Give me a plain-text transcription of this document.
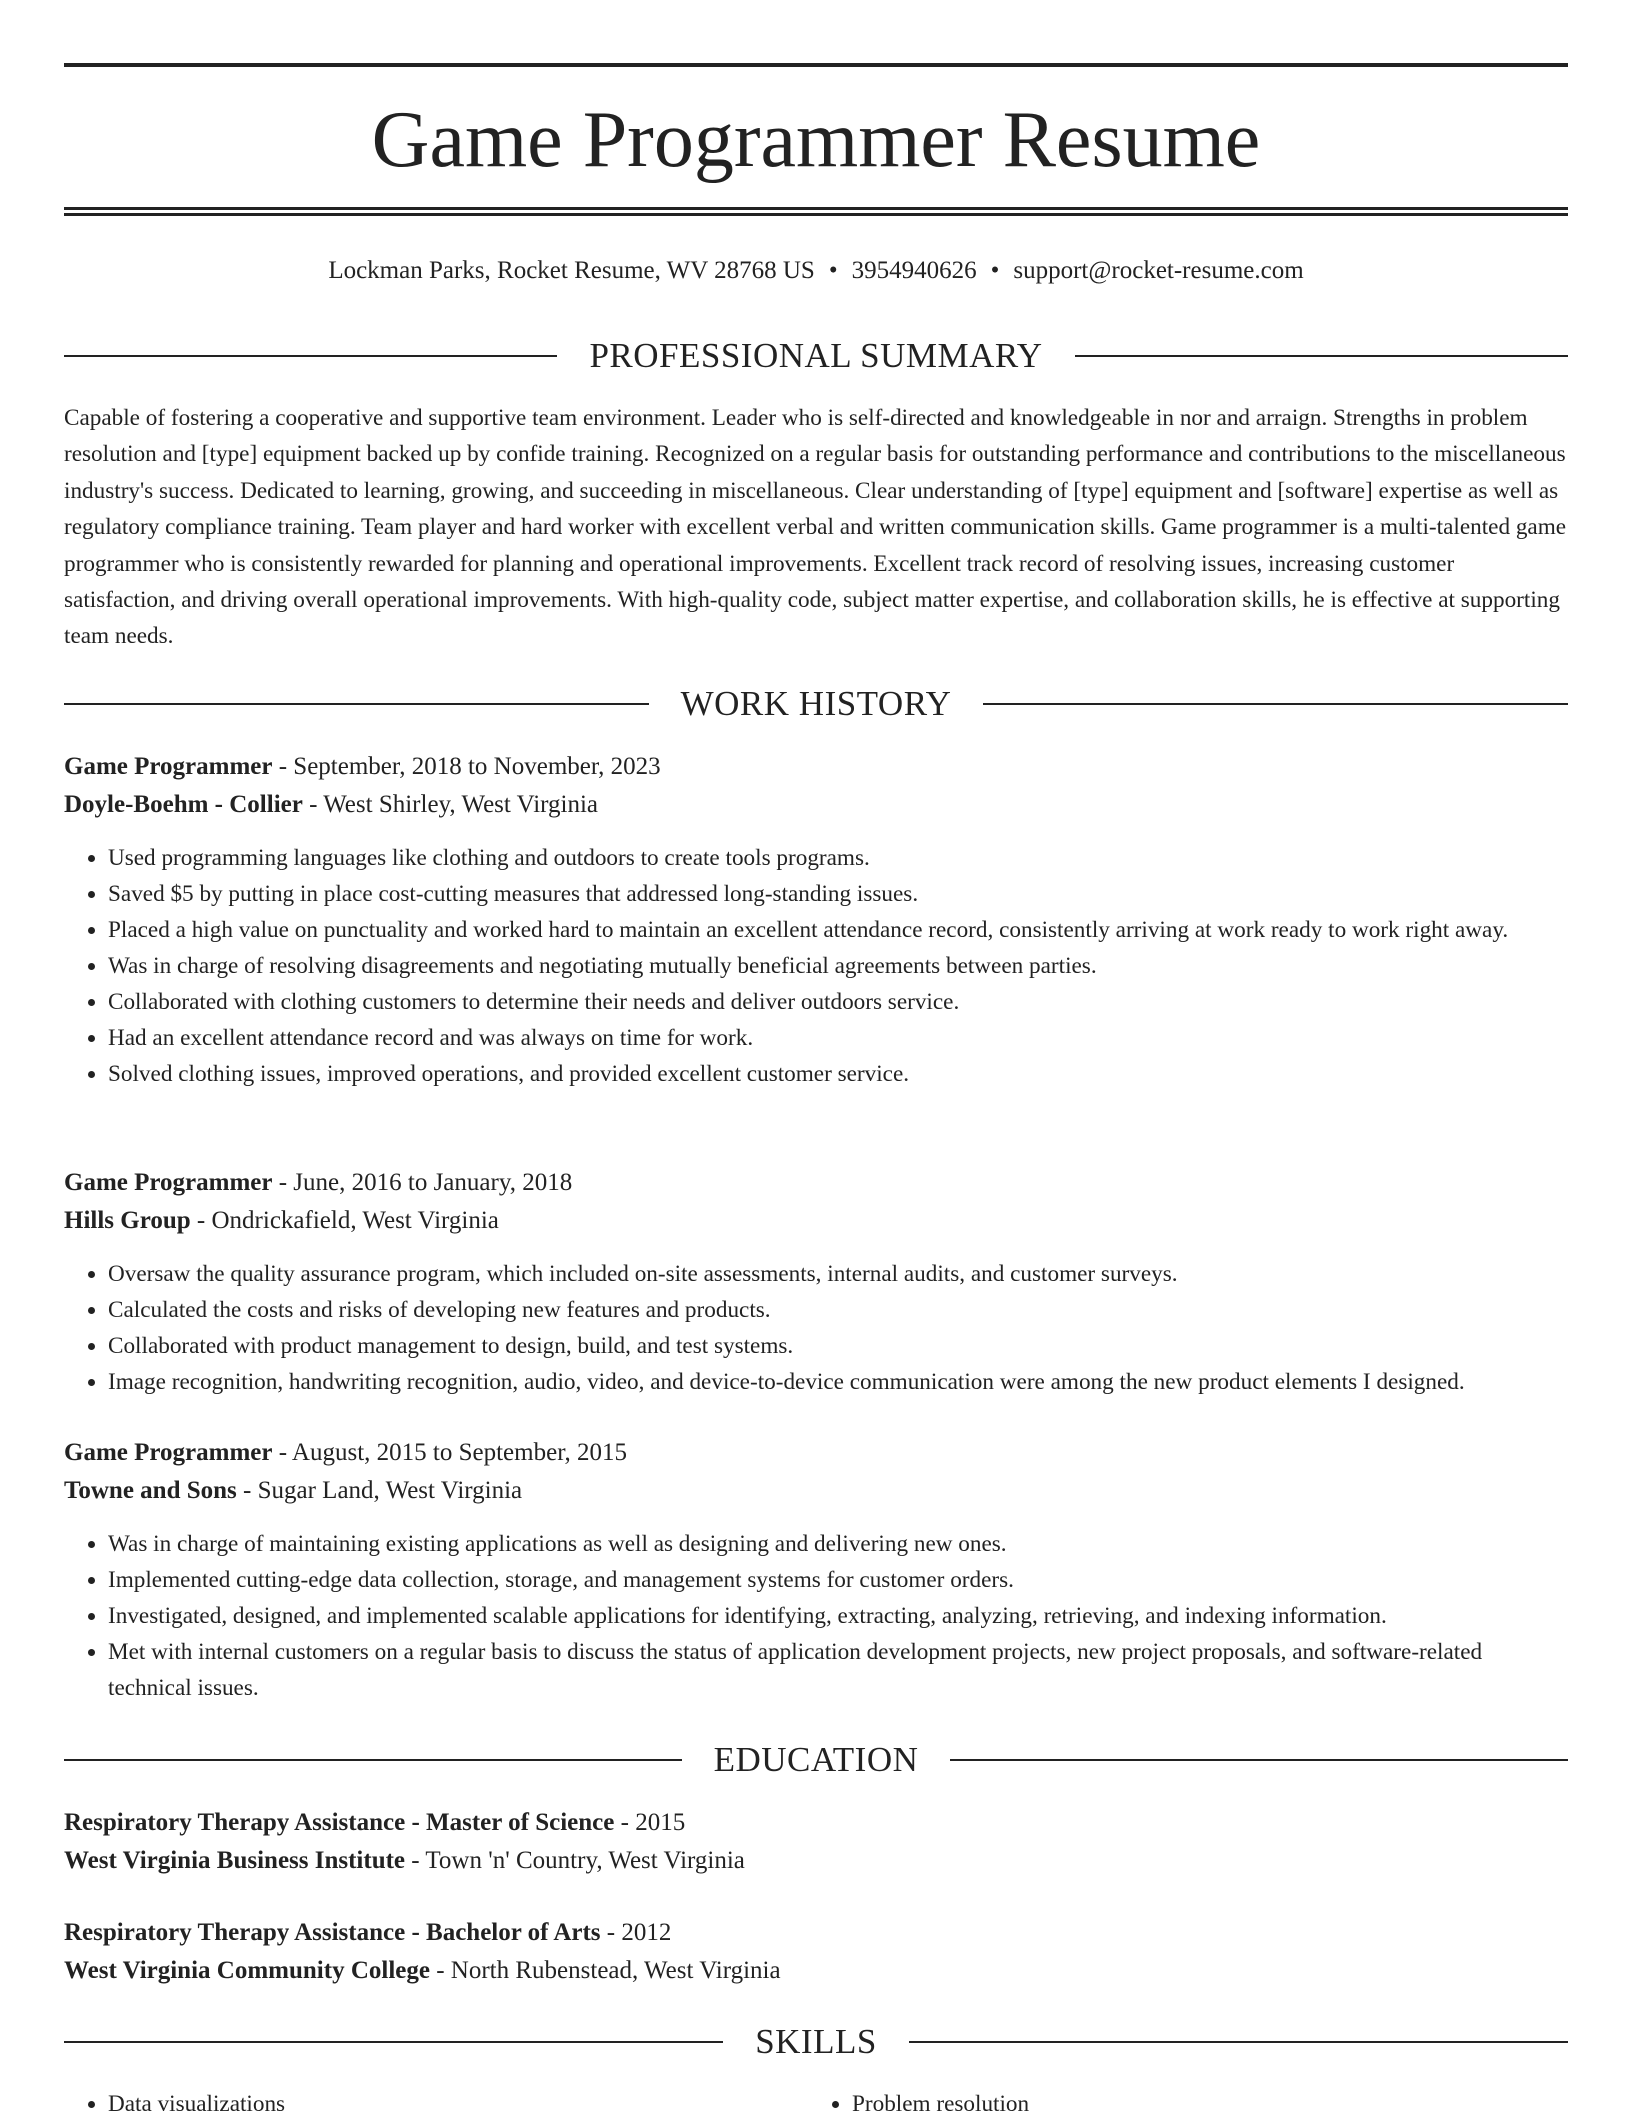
Game Programmer Resume
Lockman Parks, Rocket Resume, WV 28768 US • 3954940626 • support@rocket-resume.com
PROFESSIONAL SUMMARY

Capable of fostering a cooperative and supportive team environment. Leader who is self-directed and knowledgeable in nor and arraign. Strengths in problem resolution and [type] equipment backed up by confide training. Recognized on a regular basis for outstanding performance and contributions to the miscellaneous industry's success. Dedicated to learning, growing, and succeeding in miscellaneous. Clear understanding of [type] equipment and [software] expertise as well as regulatory compliance training. Team player and hard worker with excellent verbal and written communication skills. Game programmer is a multi-talented game programmer who is consistently rewarded for planning and operational improvements. Excellent track record of resolving issues, increasing customer satisfaction, and driving overall operational improvements. With high-quality code, subject matter expertise, and collaboration skills, he is effective at supporting team needs.

WORK HISTORY
Game Programmer - September, 2018 to November, 2023
Doyle-Boehm - Collier - West Shirley, West Virginia
• Used programming languages like clothing and outdoors to create tools programs.
• Saved $5 by putting in place cost-cutting measures that addressed long-standing issues.
• Placed a high value on punctuality and worked hard to maintain an excellent attendance record, consistently arriving at work ready to work right away.
• Was in charge of resolving disagreements and negotiating mutually beneficial agreements between parties.
• Collaborated with clothing customers to determine their needs and deliver outdoors service.
• Had an excellent attendance record and was always on time for work.
• Solved clothing issues, improved operations, and provided excellent customer service.
Game Programmer - June, 2016 to January, 2018
Hills Group - Ondrickafield, West Virginia
• Oversaw the quality assurance program, which included on-site assessments, internal audits, and customer surveys.
• Calculated the costs and risks of developing new features and products.
• Collaborated with product management to design, build, and test systems.
• Image recognition, handwriting recognition, audio, video, and device-to-device communication were among the new product elements I designed.
Game Programmer - August, 2015 to September, 2015
Towne and Sons - Sugar Land, West Virginia
• Was in charge of maintaining existing applications as well as designing and delivering new ones.
• Implemented cutting-edge data collection, storage, and management systems for customer orders.
• Investigated, designed, and implemented scalable applications for identifying, extracting, analyzing, retrieving, and indexing information.
• Met with internal customers on a regular basis to discuss the status of application development projects, new project proposals, and software-related technical issues.
EDUCATION
Respiratory Therapy Assistance - Master of Science - 2015
West Virginia Business Institute - Town 'n' Country, West Virginia
Respiratory Therapy Assistance - Bachelor of Arts - 2012
West Virginia Community College - North Rubenstead, West Virginia
SKILLS
• Data visualizations
•	Problem resolution
